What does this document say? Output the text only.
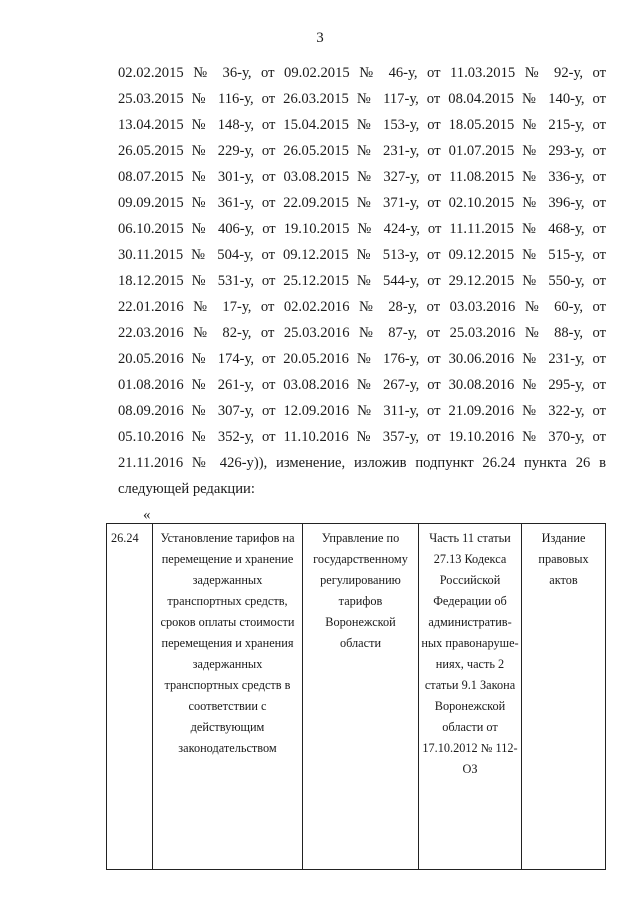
3
02.02.2015 № 36-у, от 09.02.2015 № 46-у, от 11.03.2015 № 92-у, от
25.03.2015 № 116-у, от 26.03.2015 № 117-у, от 08.04.2015 № 140-у, от
13.04.2015 № 148-у, от 15.04.2015 № 153-у, от 18.05.2015 № 215-у, от
26.05.2015 № 229-у, от 26.05.2015 № 231-у, от 01.07.2015 № 293-у, от
08.07.2015 № 301-у, от 03.08.2015 № 327-у, от 11.08.2015 № 336-у, от
09.09.2015 № 361-у, от 22.09.2015 № 371-у, от 02.10.2015 № 396-у, от
06.10.2015 № 406-у, от 19.10.2015 № 424-у, от 11.11.2015 № 468-у, от
30.11.2015 № 504-у, от 09.12.2015 № 513-у, от 09.12.2015 № 515-у, от
18.12.2015 № 531-у, от 25.12.2015 № 544-у, от 29.12.2015 № 550-у, от
22.01.2016 № 17-у, от 02.02.2016 № 28-у, от 03.03.2016 № 60-у, от
22.03.2016 № 82-у, от 25.03.2016 № 87-у, от 25.03.2016 № 88-у, от
20.05.2016 № 174-у, от 20.05.2016 № 176-у, от 30.06.2016 № 231-у, от
01.08.2016 № 261-у, от 03.08.2016 № 267-у, от 30.08.2016 № 295-у, от
08.09.2016 № 307-у, от 12.09.2016 № 311-у, от 21.09.2016 № 322-у, от
05.10.2016 № 352-у, от 11.10.2016 № 357-у, от 19.10.2016 № 370-у, от
21.11.2016 № 426-у)), изменение, изложив подпункт 26.24 пункта 26 в
следующей редакции:
«
26.24	Установление тарифов на перемещение и хранение задержанных транспортных средств, сроков оплаты стоимости перемещения и хранения задержанных транспортных средств в соответствии с действующим законодательством	Управление по государственному регулированию тарифов Воронежской области	Часть 11 статьи 27.13 Кодекса Российской Федерации об административ-ных правонаруше-ниях, часть 2 статьи 9.1 Закона Воронежской области от 17.10.2012 № 112-ОЗ	Издание правовых актов
